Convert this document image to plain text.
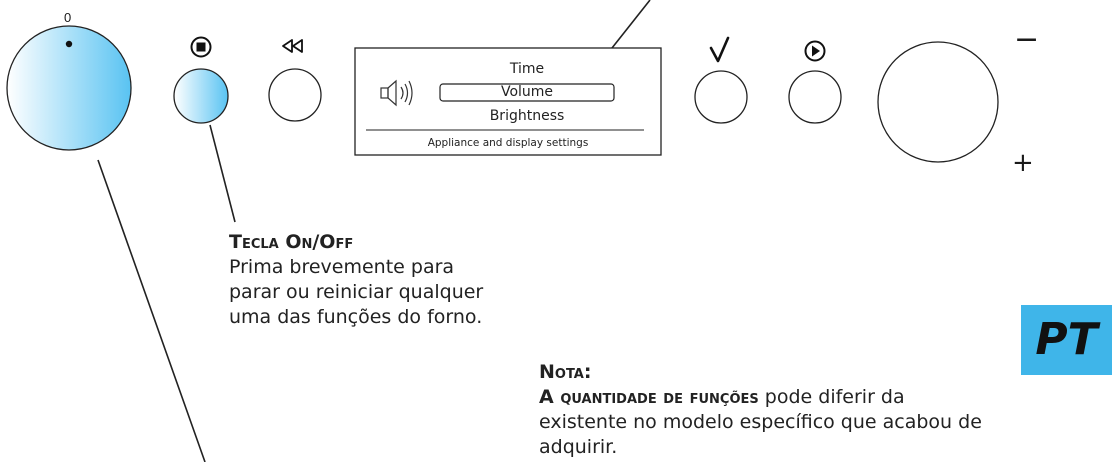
0
Time
Volume
Brightness
Appliance and display settings
−
+
Tecla On/Off
Prima brevemente para
parar ou reiniciar qualquer
uma das funções do forno.
Nota:
A quantidade de funções pode diferir da
existente no modelo específico que acabou de
adquirir.
PT
